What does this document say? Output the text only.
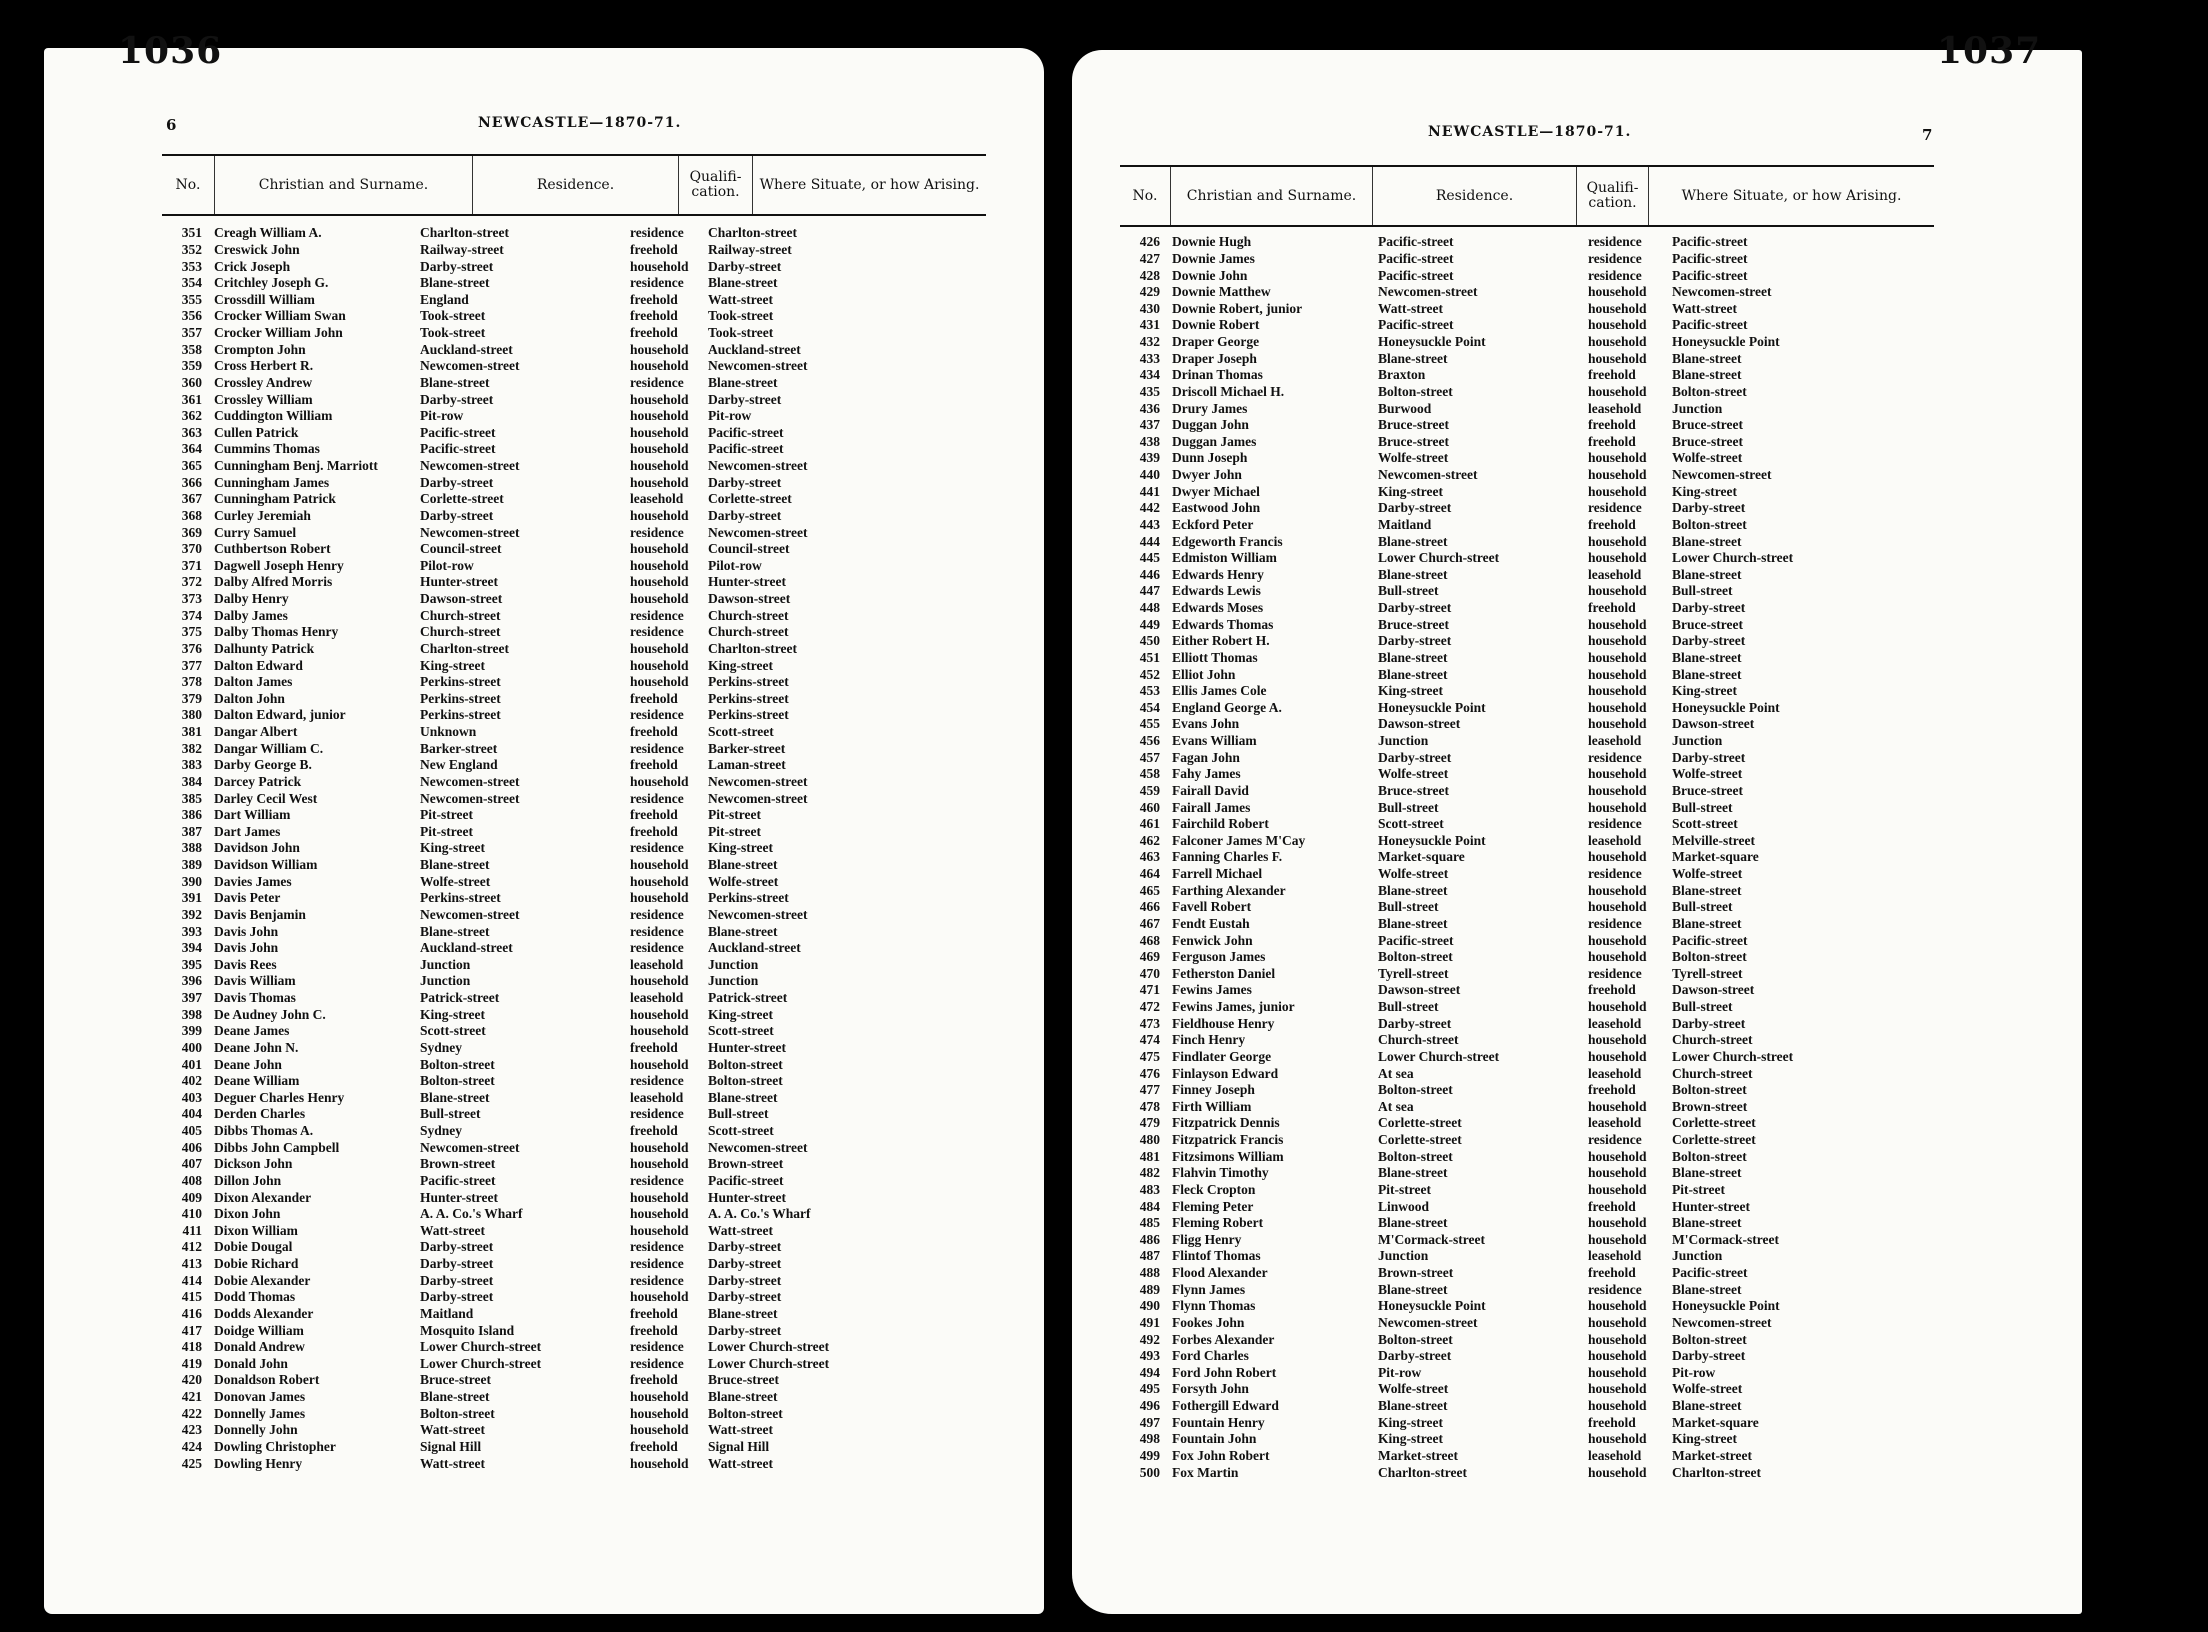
1036	1037
6	NEWCASTLE—1870-71.
No.	Christian and Surname.	Residence.	Qualifi-cation.	Where Situate, or how Arising.
351 Creagh William A.	Charlton-street	residence	Charlton-street
352 Creswick John	Railway-street	freehold	Railway-street
353 Crick Joseph	Darby-street	household	Darby-street
354 Critchley Joseph G.	Blane-street	residence	Blane-street
355 Crossdill William	England	freehold	Watt-street
356 Crocker William Swan	Took-street	freehold	Took-street
357 Crocker William John	Took-street	freehold	Took-street
358 Crompton John	Auckland-street	household	Auckland-street
359 Cross Herbert R.	Newcomen-street	household	Newcomen-street
360 Crossley Andrew	Blane-street	residence	Blane-street
361 Crossley William	Darby-street	household	Darby-street
362 Cuddington William	Pit-row	household	Pit-row
363 Cullen Patrick	Pacific-street	household	Pacific-street
364 Cummins Thomas	Pacific-street	household	Pacific-street
365 Cunningham Benj. Marriott	Newcomen-street	household	Newcomen-street
366 Cunningham James	Darby-street	household	Darby-street
367 Cunningham Patrick	Corlette-street	leasehold	Corlette-street
368 Curley Jeremiah	Darby-street	household	Darby-street
369 Curry Samuel	Newcomen-street	residence	Newcomen-street
370 Cuthbertson Robert	Council-street	household	Council-street
371 Dagwell Joseph Henry	Pilot-row	household	Pilot-row
372 Dalby Alfred Morris	Hunter-street	household	Hunter-street
373 Dalby Henry	Dawson-street	household	Dawson-street
374 Dalby James	Church-street	residence	Church-street
375 Dalby Thomas Henry	Church-street	residence	Church-street
376 Dalhunty Patrick	Charlton-street	household	Charlton-street
377 Dalton Edward	King-street	household	King-street
378 Dalton James	Perkins-street	household	Perkins-street
379 Dalton John	Perkins-street	freehold	Perkins-street
380 Dalton Edward, junior	Perkins-street	residence	Perkins-street
381 Dangar Albert	Unknown	freehold	Scott-street
382 Dangar William C.	Barker-street	residence	Barker-street
383 Darby George B.	New England	freehold	Laman-street
384 Darcey Patrick	Newcomen-street	household	Newcomen-street
385 Darley Cecil West	Newcomen-street	residence	Newcomen-street
386 Dart William	Pit-street	freehold	Pit-street
387 Dart James	Pit-street	freehold	Pit-street
388 Davidson John	King-street	residence	King-street
389 Davidson William	Blane-street	household	Blane-street
390 Davies James	Wolfe-street	household	Wolfe-street
391 Davis Peter	Perkins-street	household	Perkins-street
392 Davis Benjamin	Newcomen-street	residence	Newcomen-street
393 Davis John	Blane-street	residence	Blane-street
394 Davis John	Auckland-street	residence	Auckland-street
395 Davis Rees	Junction	leasehold	Junction
396 Davis William	Junction	household	Junction
397 Davis Thomas	Patrick-street	leasehold	Patrick-street
398 De Audney John C.	King-street	household	King-street
399 Deane James	Scott-street	household	Scott-street
400 Deane John N.	Sydney	freehold	Hunter-street
401 Deane John	Bolton-street	household	Bolton-street
402 Deane William	Bolton-street	residence	Bolton-street
403 Deguer Charles Henry	Blane-street	leasehold	Blane-street
404 Derden Charles	Bull-street	residence	Bull-street
405 Dibbs Thomas A.	Sydney	freehold	Scott-street
406 Dibbs John Campbell	Newcomen-street	household	Newcomen-street
407 Dickson John	Brown-street	household	Brown-street
408 Dillon John	Pacific-street	residence	Pacific-street
409 Dixon Alexander	Hunter-street	household	Hunter-street
410 Dixon John	A. A. Co.'s Wharf	household	A. A. Co.'s Wharf
411 Dixon William	Watt-street	household	Watt-street
412 Dobie Dougal	Darby-street	residence	Darby-street
413 Dobie Richard	Darby-street	residence	Darby-street
414 Dobie Alexander	Darby-street	residence	Darby-street
415 Dodd Thomas	Darby-street	household	Darby-street
416 Dodds Alexander	Maitland	freehold	Blane-street
417 Doidge William	Mosquito Island	freehold	Darby-street
418 Donald Andrew	Lower Church-street	residence	Lower Church-street
419 Donald John	Lower Church-street	residence	Lower Church-street
420 Donaldson Robert	Bruce-street	freehold	Bruce-street
421 Donovan James	Blane-street	household	Blane-street
422 Donnelly James	Bolton-street	household	Bolton-street
423 Donnelly John	Watt-street	household	Watt-street
424 Dowling Christopher	Signal Hill	freehold	Signal Hill
425 Dowling Henry	Watt-street	household	Watt-street
7
NEWCASTLE—1870-71.
No.	Christian and Surname.	Residence.	Qualifi-cation.	Where Situate, or how Arising.
426 Downie Hugh	Pacific-street	residence	Pacific-street
427 Downie James	Pacific-street	residence	Pacific-street
428 Downie John	Pacific-street	residence	Pacific-street
429 Downie Matthew	Newcomen-street	household	Newcomen-street
430 Downie Robert, junior	Watt-street	household	Watt-street
431 Downie Robert	Pacific-street	household	Pacific-street
432 Draper George	Honeysuckle Point	household	Honeysuckle Point
433 Draper Joseph	Blane-street	household	Blane-street
434 Drinan Thomas	Braxton	freehold	Blane-street
435 Driscoll Michael H.	Bolton-street	household	Bolton-street
436 Drury James	Burwood	leasehold	Junction
437 Duggan John	Bruce-street	freehold	Bruce-street
438 Duggan James	Bruce-street	freehold	Bruce-street
439 Dunn Joseph	Wolfe-street	household	Wolfe-street
440 Dwyer John	Newcomen-street	household	Newcomen-street
441 Dwyer Michael	King-street	household	King-street
442 Eastwood John	Darby-street	residence	Darby-street
443 Eckford Peter	Maitland	freehold	Bolton-street
444 Edgeworth Francis	Blane-street	household	Blane-street
445 Edmiston William	Lower Church-street	household	Lower Church-street
446 Edwards Henry	Blane-street	leasehold	Blane-street
447 Edwards Lewis	Bull-street	household	Bull-street
448 Edwards Moses	Darby-street	freehold	Darby-street
449 Edwards Thomas	Bruce-street	household	Bruce-street
450 Either Robert H.	Darby-street	household	Darby-street
451 Elliott Thomas	Blane-street	household	Blane-street
452 Elliot John	Blane-street	household	Blane-street
453 Ellis James Cole	King-street	household	King-street
454 England George A.	Honeysuckle Point	household	Honeysuckle Point
455 Evans John	Dawson-street	household	Dawson-street
456 Evans William	Junction	leasehold	Junction
457 Fagan John	Darby-street	residence	Darby-street
458 Fahy James	Wolfe-street	household	Wolfe-street
459 Fairall David	Bruce-street	household	Bruce-street
460 Fairall James	Bull-street	household	Bull-street
461 Fairchild Robert	Scott-street	residence	Scott-street
462 Falconer James M'Cay	Honeysuckle Point	leasehold	Melville-street
463 Fanning Charles F.	Market-square	household	Market-square
464 Farrell Michael	Wolfe-street	residence	Wolfe-street
465 Farthing Alexander	Blane-street	household	Blane-street
466 Favell Robert	Bull-street	household	Bull-street
467 Fendt Eustah	Blane-street	residence	Blane-street
468 Fenwick John	Pacific-street	household	Pacific-street
469 Ferguson James	Bolton-street	household	Bolton-street
470 Fetherston Daniel	Tyrell-street	residence	Tyrell-street
471 Fewins James	Dawson-street	freehold	Dawson-street
472 Fewins James, junior	Bull-street	household	Bull-street
473 Fieldhouse Henry	Darby-street	leasehold	Darby-street
474 Finch Henry	Church-street	household	Church-street
475 Findlater George	Lower Church-street	household	Lower Church-street
476 Finlayson Edward	At sea	leasehold	Church-street
477 Finney Joseph	Bolton-street	freehold	Bolton-street
478 Firth William	At sea	household	Brown-street
479 Fitzpatrick Dennis	Corlette-street	leasehold	Corlette-street
480 Fitzpatrick Francis	Corlette-street	residence	Corlette-street
481 Fitzsimons William	Bolton-street	household	Bolton-street
482 Flahvin Timothy	Blane-street	household	Blane-street
483 Fleck Cropton	Pit-street	household	Pit-street
484 Fleming Peter	Linwood	freehold	Hunter-street
485 Fleming Robert	Blane-street	household	Blane-street
486 Fligg Henry	M'Cormack-street	household	M'Cormack-street
487 Flintof Thomas	Junction	leasehold	Junction
488 Flood Alexander	Brown-street	freehold	Pacific-street
489 Flynn James	Blane-street	residence	Blane-street
490 Flynn Thomas	Honeysuckle Point	household	Honeysuckle Point
491 Fookes John	Newcomen-street	household	Newcomen-street
492 Forbes Alexander	Bolton-street	household	Bolton-street
493 Ford Charles	Darby-street	household	Darby-street
494 Ford John Robert	Pit-row	household	Pit-row
495 Forsyth John	Wolfe-street	household	Wolfe-street
496 Fothergill Edward	Blane-street	household	Blane-street
497 Fountain Henry	King-street	freehold	Market-square
498 Fountain John	King-street	household	King-street
499 Fox John Robert	Market-street	leasehold	Market-street
500 Fox Martin	Charlton-street	household	Charlton-street
